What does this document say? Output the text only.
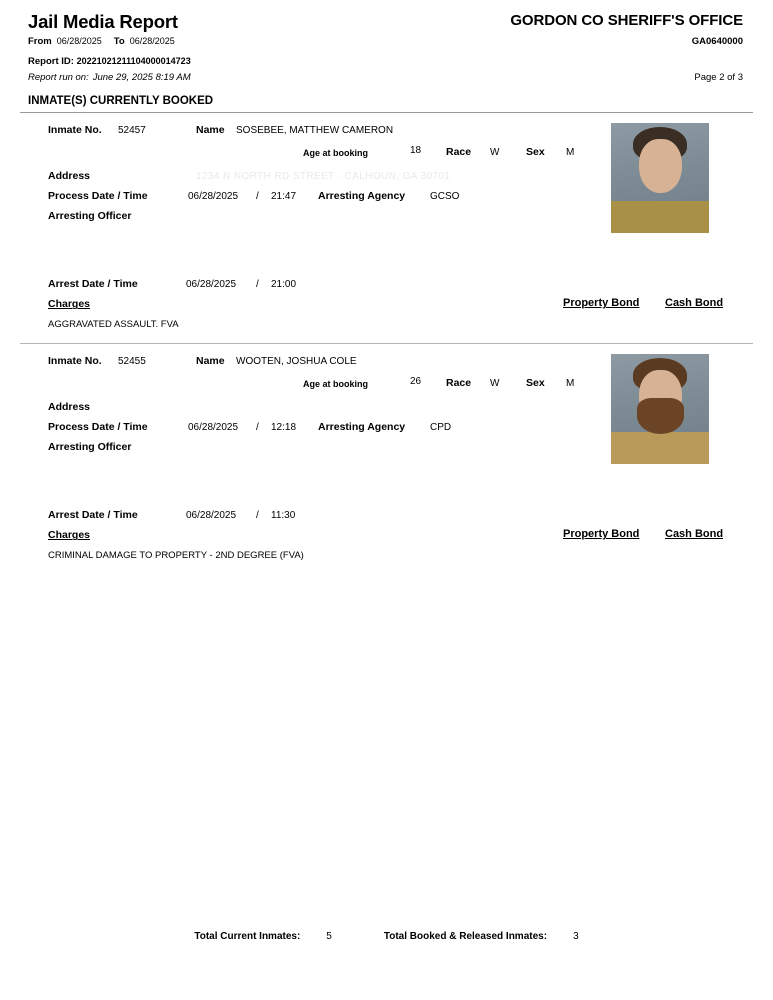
Jail Media Report	GORDON CO SHERIFF'S OFFICE
From 06/28/2025 To 06/28/2025	GA0640000
Report ID: 20221021211104000014723
Report run on: June 29, 2025 8:19 AM	Page 2 of 3
INMATE(S) CURRENTLY BOOKED
Inmate No. 52457	Name SOSEBEE, MATTHEW CAMERON
Age at booking	18 Race W	Sex M
Address	1234 N NORTH RD STREET - CALHOUN, GA 30701
Process Date / Time	06/28/2025 / 21:47 Arresting Agency GCSO
Arresting Officer
Arrest Date / Time	06/28/2025 / 21:00
Charges	Property Bond Cash Bond
AGGRAVATED ASSAULT. FVA
Inmate No. 52455	Name WOOTEN, JOSHUA COLE
Age at booking	26 Race W	Sex M
Address
Process Date / Time	06/28/2025 / 12:18 Arresting Agency CPD
Arresting Officer
Arrest Date / Time	06/28/2025 / 11:30
Charges	Property Bond Cash Bond
CRIMINAL DAMAGE TO PROPERTY - 2ND DEGREE (FVA)
Total Current Inmates:	5	Total Booked & Released Inmates:	3
